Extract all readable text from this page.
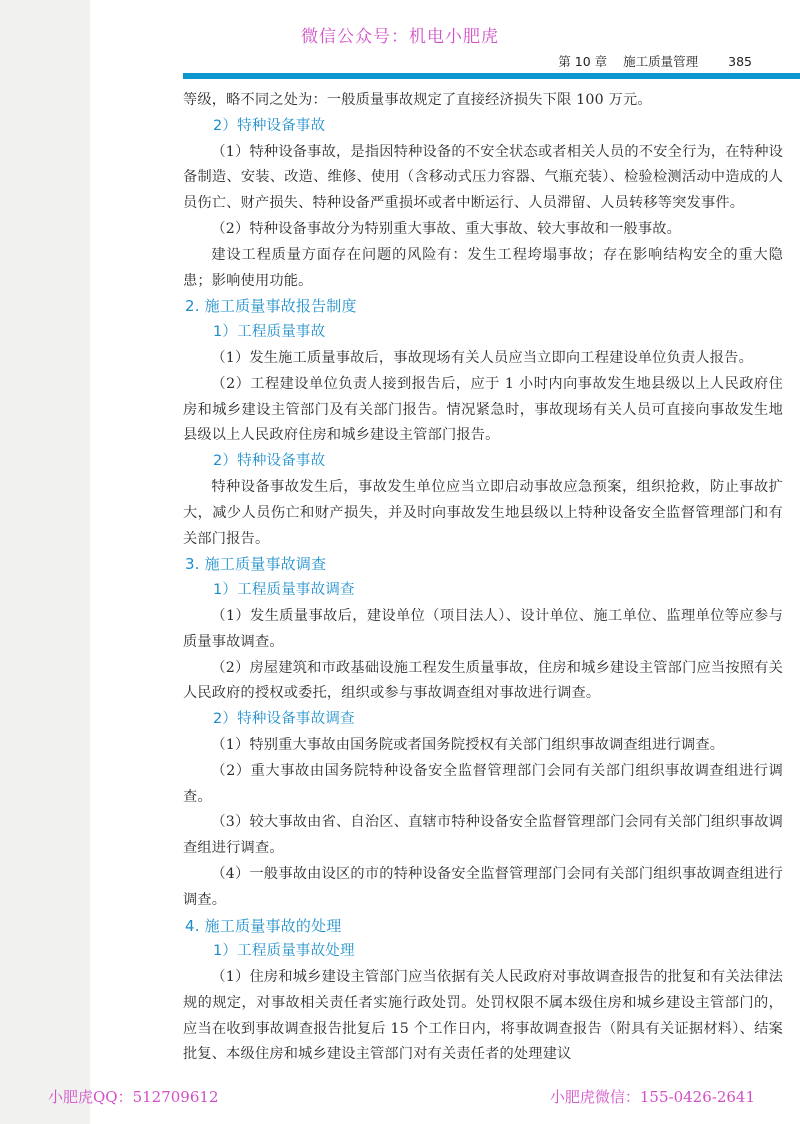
微信公众号：机电小肥虎
第 10 章 施工质量管理 385

等级，略不同之处为：一般质量事故规定了直接经济损失下限 100 万元。

2）特种设备事故

（1）特种设备事故，是指因特种设备的不安全状态或者相关人员的不安全行为，在特种设备制造、安装、改造、维修、使用（含移动式压力容器、气瓶充装）、检验检测活动中造成的人员伤亡、财产损失、特种设备严重损坏或者中断运行、人员滞留、人员转移等突发事件。

（2）特种设备事故分为特别重大事故、重大事故、较大事故和一般事故。

建设工程质量方面存在问题的风险有：发生工程垮塌事故；存在影响结构安全的重大隐患；影响使用功能。

2. 施工质量事故报告制度
1）工程质量事故

（1）发生施工质量事故后，事故现场有关人员应当立即向工程建设单位负责人报告。

（2）工程建设单位负责人接到报告后，应于 1 小时内向事故发生地县级以上人民政府住房和城乡建设主管部门及有关部门报告。情况紧急时，事故现场有关人员可直接向事故发生地县级以上人民政府住房和城乡建设主管部门报告。

2）特种设备事故

特种设备事故发生后，事故发生单位应当立即启动事故应急预案，组织抢救，防止事故扩大，减少人员伤亡和财产损失，并及时向事故发生地县级以上特种设备安全监督管理部门和有关部门报告。

3. 施工质量事故调查
1）工程质量事故调查

（1）发生质量事故后，建设单位（项目法人）、设计单位、施工单位、监理单位等应参与质量事故调查。

（2）房屋建筑和市政基础设施工程发生质量事故，住房和城乡建设主管部门应当按照有关人民政府的授权或委托，组织或参与事故调查组对事故进行调查。

2）特种设备事故调查

（1）特别重大事故由国务院或者国务院授权有关部门组织事故调查组进行调查。

（2）重大事故由国务院特种设备安全监督管理部门会同有关部门组织事故调查组进行调查。

（3）较大事故由省、自治区、直辖市特种设备安全监督管理部门会同有关部门组织事故调查组进行调查。

（4）一般事故由设区的市的特种设备安全监督管理部门会同有关部门组织事故调查组进行调查。

4. 施工质量事故的处理
1）工程质量事故处理

（1）住房和城乡建设主管部门应当依据有关人民政府对事故调查报告的批复和有关法律法规的规定，对事故相关责任者实施行政处罚。处罚权限不属本级住房和城乡建设主管部门的，应当在收到事故调查报告批复后 15 个工作日内，将事故调查报告（附具有关证据材料）、结案批复、本级住房和城乡建设主管部门对有关责任者的处理建议

小肥虎QQ：512709612	小肥虎微信：155-0426-2641
